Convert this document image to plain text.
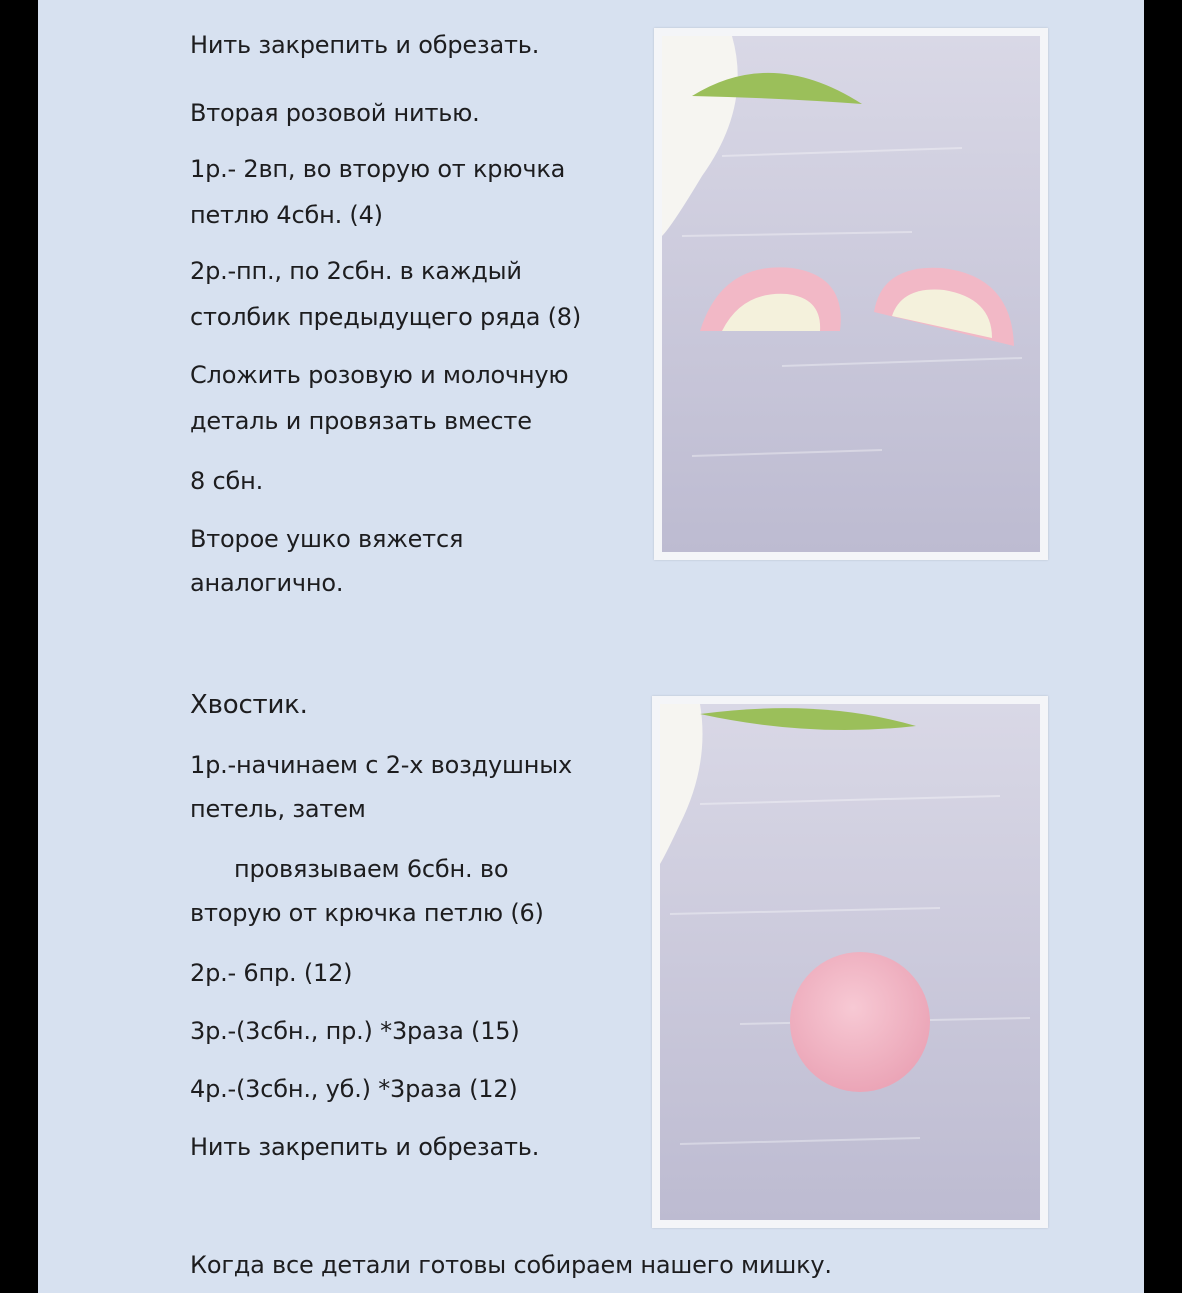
Нить закрепить и обрезать.

Вторая розовой нитью.

1р.- 2вп, во вторую от крючка

петлю 4сбн. (4)

2р.-пп., по 2сбн. в каждый

столбик предыдущего ряда (8)

Сложить розовую и молочную

деталь и провязать вместе

8 сбн.

Второе ушко вяжется

аналогично.

Хвостик.

1р.-начинаем с 2-х воздушных

петель, затем

провязываем 6сбн. во

вторую от крючка петлю (6)

2р.- 6пр. (12)

3р.-(3сбн., пр.) *3раза (15)

4р.-(3сбн., уб.) *3раза (12)

Нить закрепить и обрезать.

Когда все детали готовы собираем нашего мишку.
